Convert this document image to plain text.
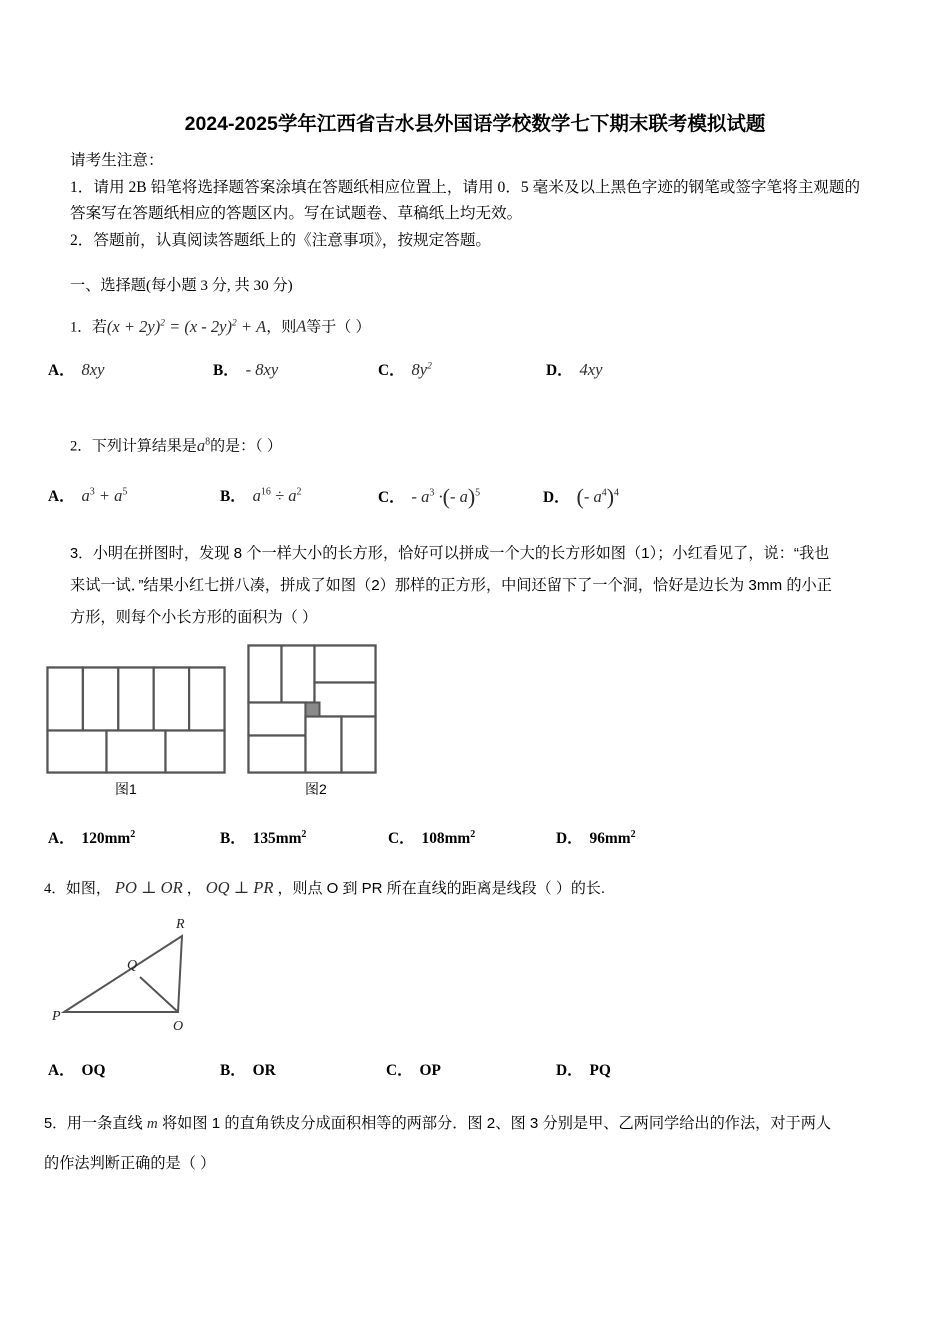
2024-2025学年江西省吉水县外国语学校数学七下期末联考模拟试题

请考生注意：

1．请用 2B 铅笔将选择题答案涂填在答题纸相应位置上，请用 0．5 毫米及以上黑色字迹的钢笔或签字笔将主观题的

答案写在答题纸相应的答题区内。写在试题卷、草稿纸上均无效。

2．答题前，认真阅读答题纸上的《注意事项》，按规定答题。

一、选择题(每小题 3 分, 共 30 分)
1．若$(x + 2y)^2 = (x - 2y)^2 + A$，则A等于（ ）
A． 8xy	B． - 8xy	C． $8y^2$	D． 4xy
2．下列计算结果是$a^8$的是：（ ）
A． $a^3 + a^5$	B． $a^{16} \div a^2$	C． - $a^3$ ·(- a)$^5$	D． (- $a^4)^4$
3．小明在拼图时，发现 8 个一样大小的长方形，恰好可以拼成一个大的长方形如图（1）；小红看见了，说：“我也
来试一试．”结果小红七拼八凑，拼成了如图（2）那样的正方形，中间还留下了一个洞，恰好是边长为 3mm 的小正
方形，则每个小长方形的面积为（ ）
图1	图2
A． $120mm^2$	B． $135mm^2$	C． $108mm^2$	D． $96mm^2$
4．如图， PO ⊥ OR ， OQ ⊥ PR ，则点 O 到 PR 所在直线的距离是线段（ ）的长.
P
Q
R
O
A． OQ	B． OR	C． OP	D． PQ
5．用一条直线 m 将如图 1 的直角铁皮分成面积相等的两部分．图 2、图 3 分别是甲、乙两同学给出的作法，对于两人
的作法判断正确的是（ ）
